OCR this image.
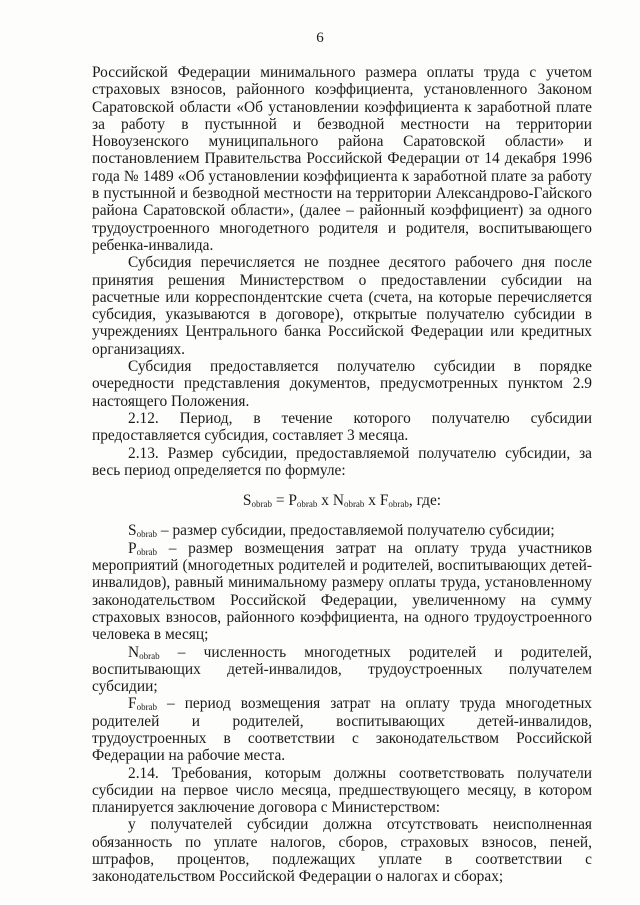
6

Российской Федерации минимального размера оплаты труда с учетом страховых взносов, районного коэффициента, установленного Законом Саратовской области «Об установлении коэффициента к заработной плате за работу в пустынной и безводной местности на территории Новоузенского муниципального района Саратовской области» и постановлением Правительства Российской Федерации от 14 декабря 1996 года № 1489 «Об установлении коэффициента к заработной плате за работу в пустынной и безводной местности на территории Александрово-Гайского района Саратовской области», (далее – районный коэффициент) за одного трудоустроенного многодетного родителя и родителя, воспитывающего ребенка-инвалида.

Субсидия перечисляется не позднее десятого рабочего дня после принятия решения Министерством о предоставлении субсидии на расчетные или корреспондентские счета (счета, на которые перечисляется субсидия, указываются в договоре), открытые получателю субсидии в учреждениях Центрального банка Российской Федерации или кредитных организациях.

Субсидия предоставляется получателю субсидии в порядке очередности представления документов, предусмотренных пунктом 2.9 настоящего Положения.

2.12. Период, в течение которого получателю субсидии предоставляется субсидия, составляет 3 месяца.

2.13. Размер субсидии, предоставляемой получателю субсидии, за весь период определяется по формуле:

$S_{obrab} = P_{obrab}$ x $N_{obrab}$ x $F_{obrab}$, где:

$S_{obrab}$ – размер субсидии, предоставляемой получателю субсидии;

$P_{obrab}$ – размер возмещения затрат на оплату труда участников мероприятий (многодетных родителей и родителей, воспитывающих детей-инвалидов), равный минимальному размеру оплаты труда, установленному законодательством Российской Федерации, увеличенному на сумму страховых взносов, районного коэффициента, на одного трудоустроенного человека в месяц;

$N_{obrab}$ – численность многодетных родителей и родителей, воспитывающих детей-инвалидов, трудоустроенных получателем субсидии;

$F_{obrab}$ – период возмещения затрат на оплату труда многодетных родителей и родителей, воспитывающих детей-инвалидов, трудоустроенных в соответствии с законодательством Российской Федерации на рабочие места.

2.14. Требования, которым должны соответствовать получатели субсидии на первое число месяца, предшествующего месяцу, в котором планируется заключение договора с Министерством:

у получателей субсидии должна отсутствовать неисполненная обязанность по уплате налогов, сборов, страховых взносов, пеней, штрафов, процентов, подлежащих уплате в соответствии с законодательством Российской Федерации о налогах и сборах;
